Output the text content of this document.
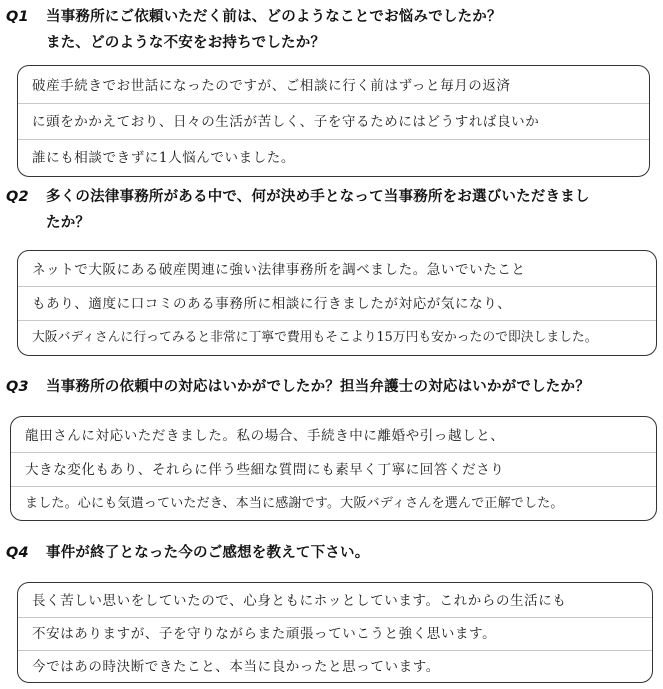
Q1 当事務所にご依頼いただく前は、どのようなことでお悩みでしたか？
また、どのような不安をお持ちでしたか？
破産手続きでお世話になったのですが、ご相談に行く前はずっと毎月の返済
に頭をかかえており、日々の生活が苦しく、子を守るためにはどうすれば良いか
誰にも相談できずに1人悩んでいました。
Q2 多くの法律事務所がある中で、何が決め手となって当事務所をお選びいただきまし
たか？
ネットで大阪にある破産関連に強い法律事務所を調べました。急いでいたこと
もあり、適度に口コミのある事務所に相談に行きましたが対応が気になり、
大阪バディさんに行ってみると非常に丁寧で費用もそこより15万円も安かったので即決しました。
Q3 当事務所の依頼中の対応はいかがでしたか？担当弁護士の対応はいかがでしたか？
龍田さんに対応いただきました。私の場合、手続き中に離婚や引っ越しと、
大きな変化もあり、それらに伴う些細な質問にも素早く丁寧に回答くださり
ました。心にも気遣っていただき、本当に感謝です。大阪バディさんを選んで正解でした。
Q4 事件が終了となった今のご感想を教えて下さい。
長く苦しい思いをしていたので、心身ともにホッとしています。これからの生活にも
不安はありますが、子を守りながらまた頑張っていこうと強く思います。
今ではあの時決断できたこと、本当に良かったと思っています。
